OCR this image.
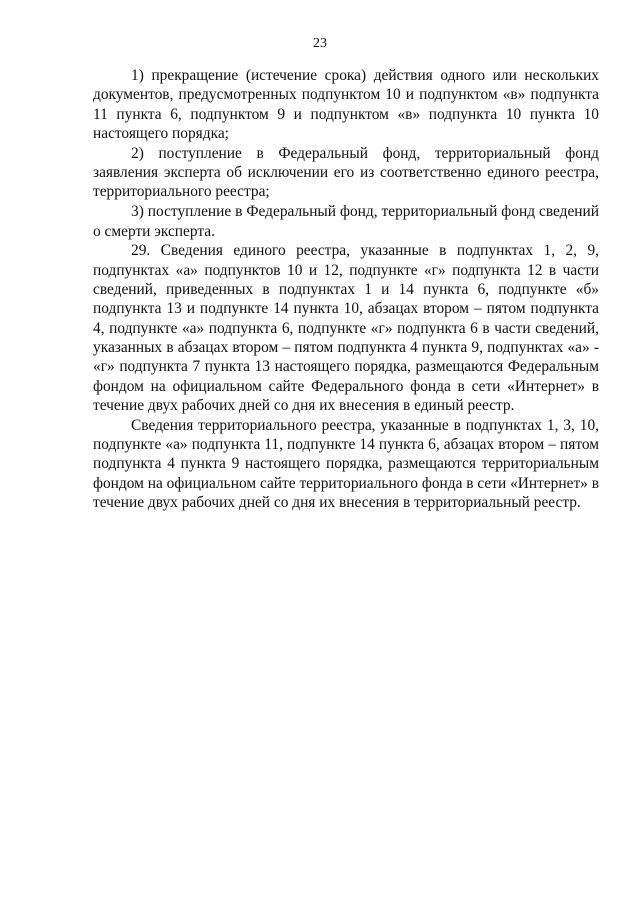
23

1) прекращение (истечение срока) действия одного или нескольких документов, предусмотренных подпунктом 10 и подпунктом «в» подпункта 11 пункта 6, подпунктом 9 и подпунктом «в» подпункта 10 пункта 10 настоящего порядка;

2) поступление в Федеральный фонд, территориальный фонд заявления эксперта об исключении его из соответственно единого реестра, территориального реестра;

3) поступление в Федеральный фонд, территориальный фонд сведений о смерти эксперта.

29. Сведения единого реестра, указанные в подпунктах 1, 2, 9, подпунктах «а» подпунктов 10 и 12, подпункте «г» подпункта 12 в части сведений, приведенных в подпунктах 1 и 14 пункта 6, подпункте «б» подпункта 13 и подпункте 14 пункта 10, абзацах втором – пятом подпункта 4, подпункте «а» подпункта 6, подпункте «г» подпункта 6 в части сведений, указанных в абзацах втором – пятом подпункта 4 пункта 9, подпунктах «а» - «г» подпункта 7 пункта 13 настоящего порядка, размещаются Федеральным фондом на официальном сайте Федерального фонда в сети «Интернет» в течение двух рабочих дней со дня их внесения в единый реестр.

Сведения территориального реестра, указанные в подпунктах 1, 3, 10, подпункте «а» подпункта 11, подпункте 14 пункта 6, абзацах втором – пятом подпункта 4 пункта 9 настоящего порядка, размещаются территориальным фондом на официальном сайте территориального фонда в сети «Интернет» в течение двух рабочих дней со дня их внесения в территориальный реестр.
